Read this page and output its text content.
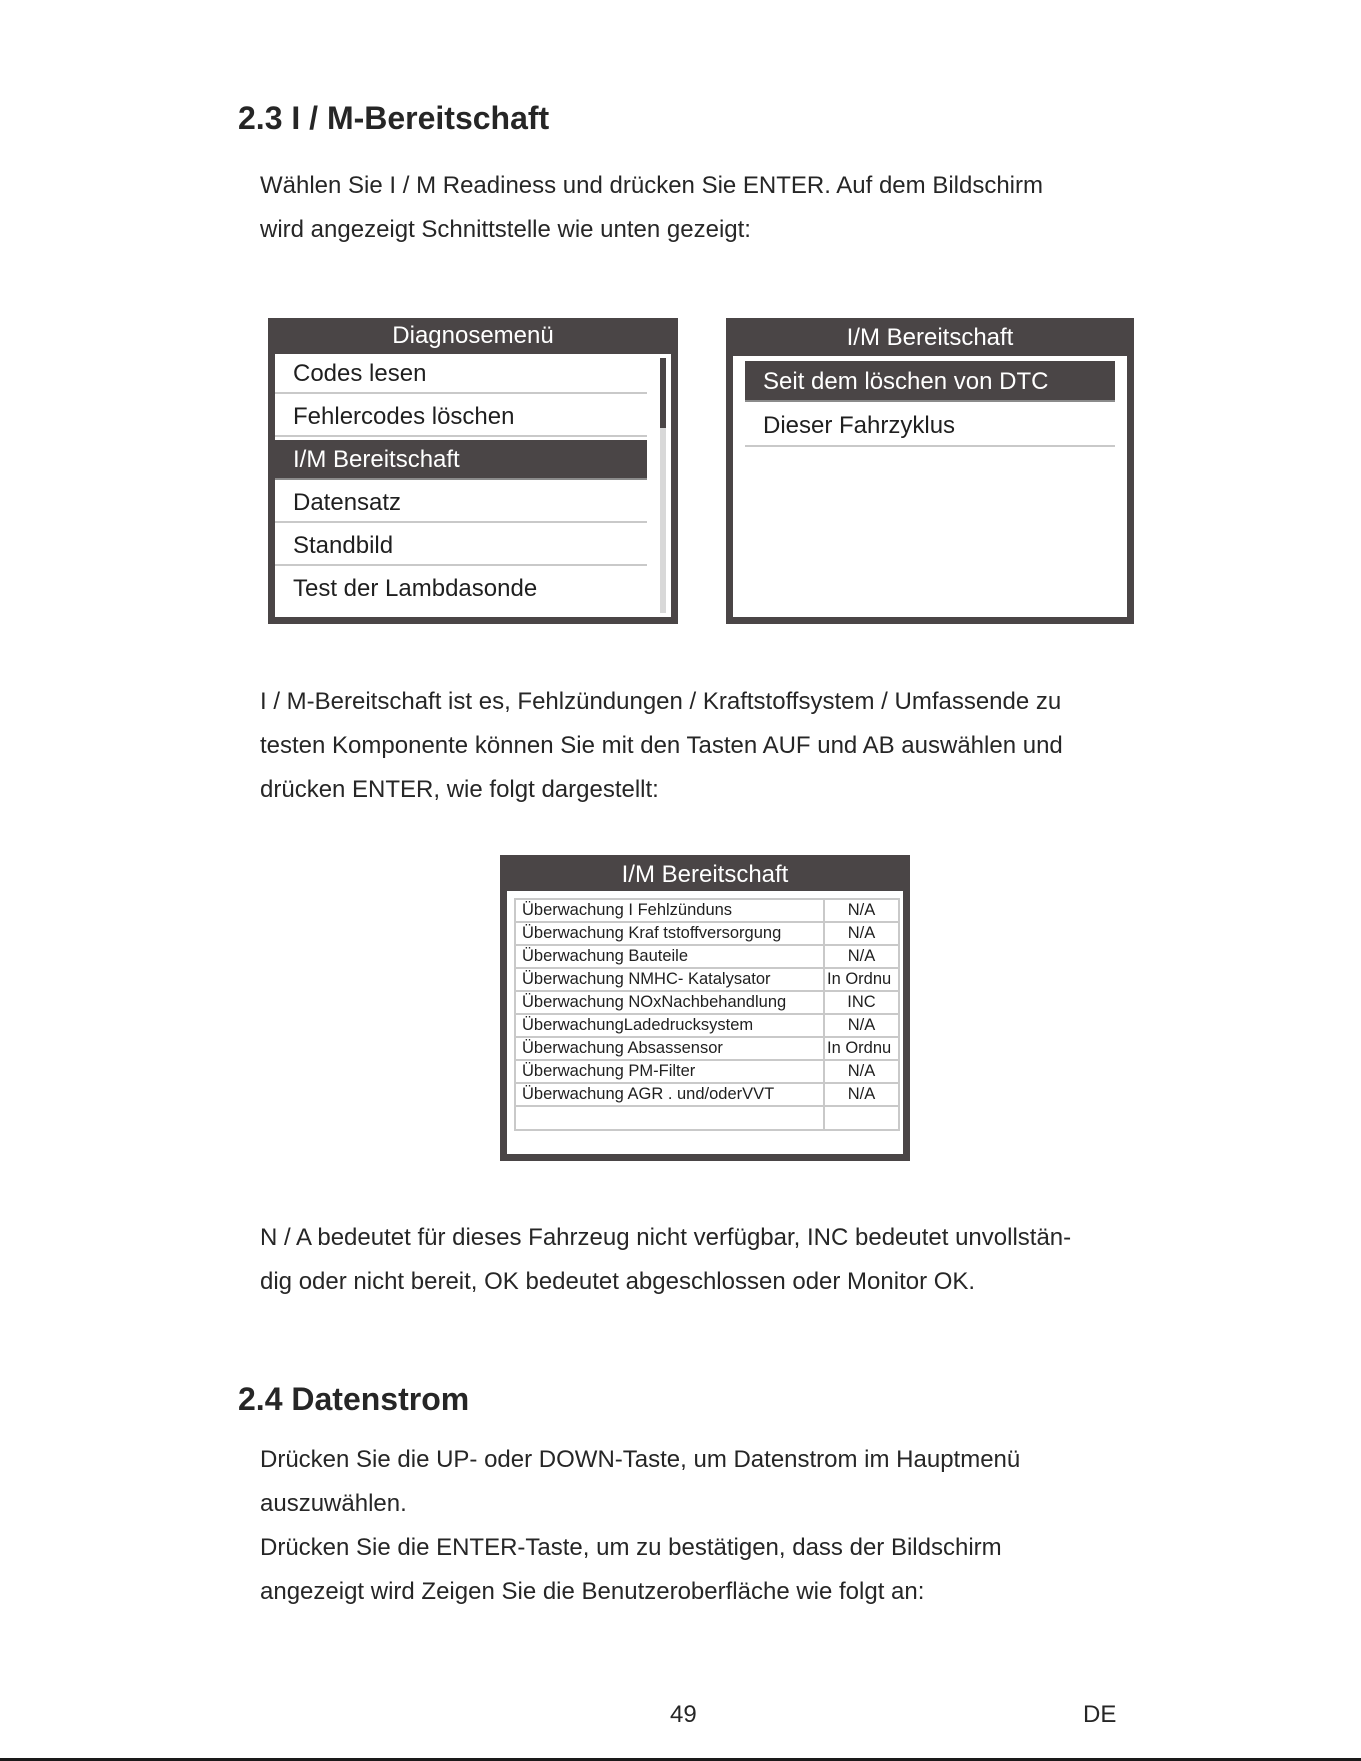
2.3 I / M-Bereitschaft
Wählen Sie I / M Readiness und drücken Sie ENTER. Auf dem Bildschirm
wird angezeigt Schnittstelle wie unten gezeigt:
Diagnosemenü
Codes lesen
Fehlercodes löschen
I/M Bereitschaft
Datensatz
Standbild
Test der Lambdasonde
I/M Bereitschaft
Seit dem löschen von DTC
Dieser Fahrzyklus
I / M-Bereitschaft ist es, Fehlzündungen / Kraftstoffsystem / Umfassende zu
testen Komponente können Sie mit den Tasten AUF und AB auswählen und
drücken ENTER, wie folgt dargestellt:
I/M Bereitschaft
Überwachung I Fehlzünduns	N/A
Überwachung Kraf tstoffversorgung	N/A
Überwachung Bauteile	N/A
Überwachung NMHC- Katalysator	In Ordnu
Überwachung NOxNachbehandlung	INC
ÜberwachungLadedrucksystem	N/A
Überwachung Absassensor	In Ordnu
Überwachung PM-Filter	N/A
Überwachung AGR . und/oderVVT	N/A

N / A bedeutet für dieses Fahrzeug nicht verfügbar, INC bedeutet unvollstän-
dig oder nicht bereit, OK bedeutet abgeschlossen oder Monitor OK.
2.4 Datenstrom
Drücken Sie die UP- oder DOWN-Taste, um Datenstrom im Hauptmenü
auszuwählen.
Drücken Sie die ENTER-Taste, um zu bestätigen, dass der Bildschirm
angezeigt wird Zeigen Sie die Benutzeroberfläche wie folgt an:
49	DE
